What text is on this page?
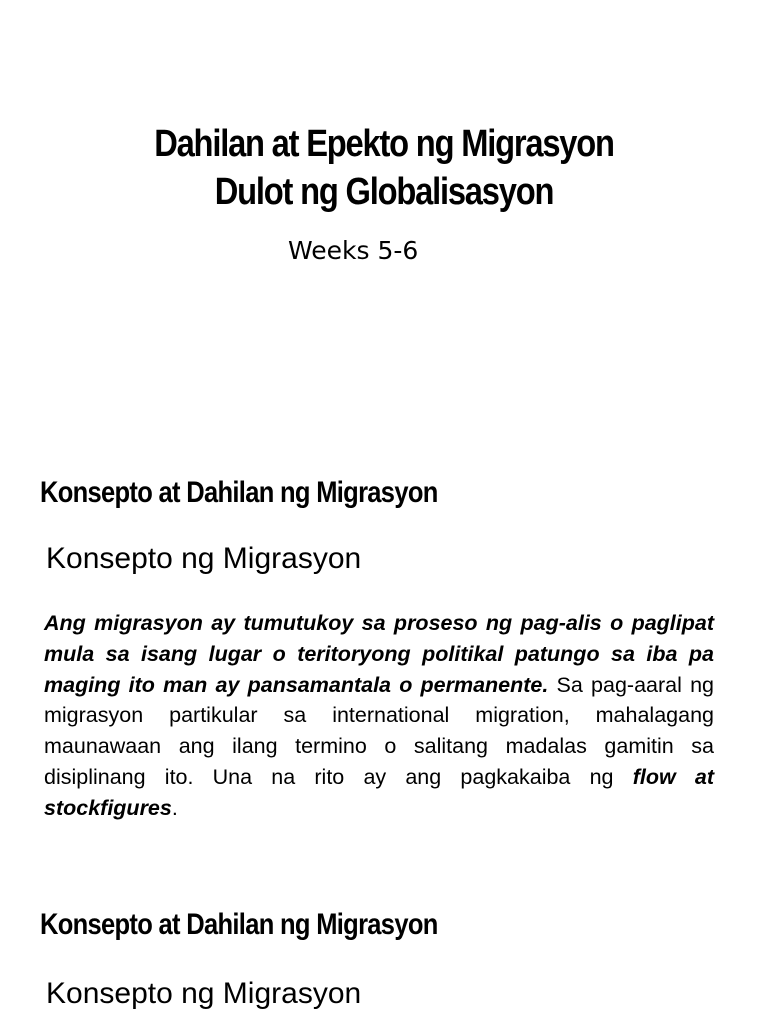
Dahilan at Epekto ng Migrasyon
Dulot ng Globalisasyon
Weeks 5-6
Konsepto at Dahilan ng Migrasyon
Konsepto ng Migrasyon

Ang migrasyon ay tumutukoy sa proseso ng pag-alis o paglipat mula sa isang lugar o teritoryong politikal patungo sa iba pa maging ito man ay pansamantala o permanente. Sa pag-aaral ng migrasyon partikular sa international migration, mahalagang maunawaan ang ilang termino o salitang madalas gamitin sa disiplinang ito. Una na rito ay ang pagkakaiba ng flow at stockfigures.

Konsepto at Dahilan ng Migrasyon
Konsepto ng Migrasyon
